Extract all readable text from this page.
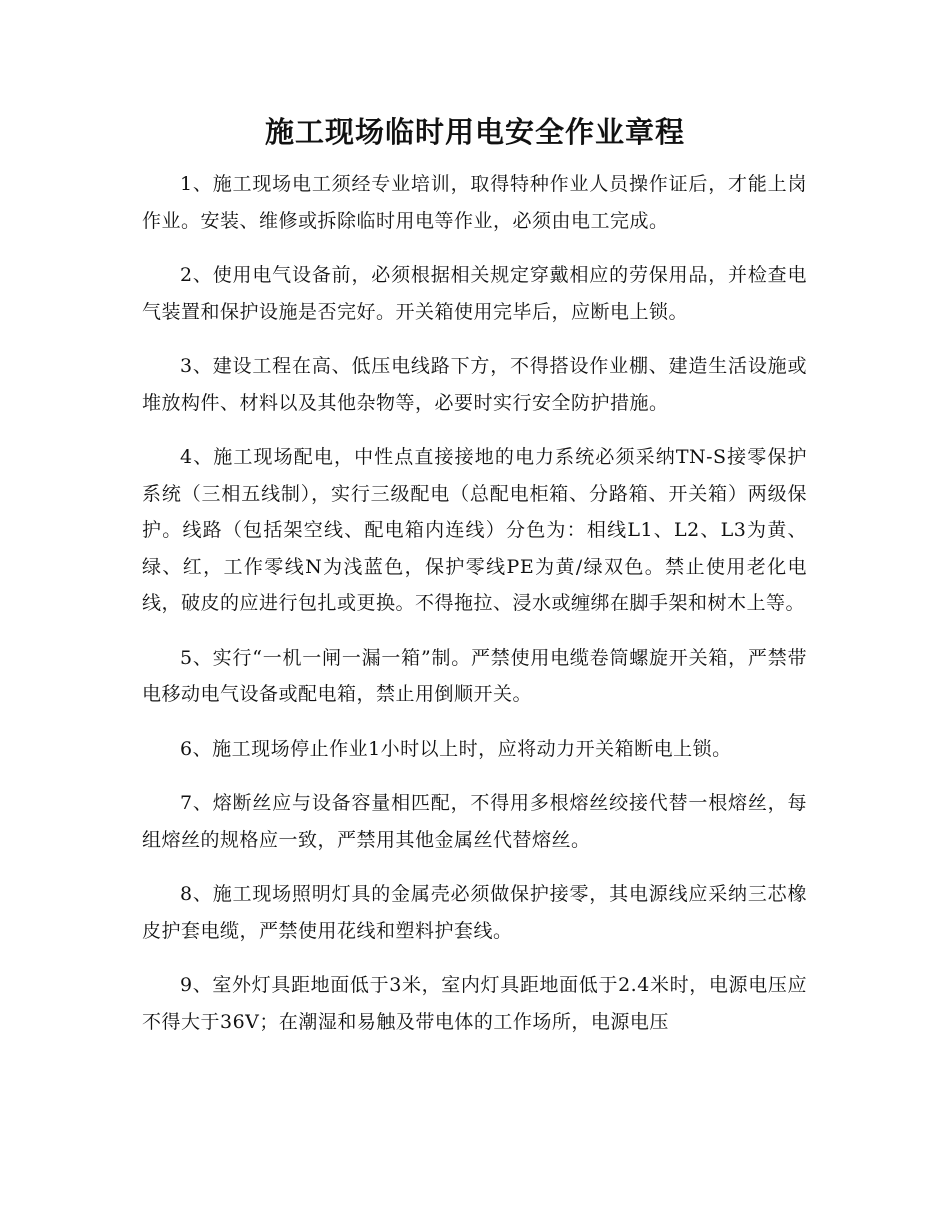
施工现场临时用电安全作业章程

1、施工现场电工须经专业培训，取得特种作业人员操作证后，才能上岗作业。安装、维修或拆除临时用电等作业，必须由电工完成。

2、使用电气设备前，必须根据相关规定穿戴相应的劳保用品，并检查电气装置和保护设施是否完好。开关箱使用完毕后，应断电上锁。

3、建设工程在高、低压电线路下方，不得搭设作业棚、建造生活设施或堆放构件、材料以及其他杂物等，必要时实行安全防护措施。

4、施工现场配电，中性点直接接地的电力系统必须采纳TN-S接零保护系统（三相五线制），实行三级配电（总配电柜箱、分路箱、开关箱）两级保护。线路（包括架空线、配电箱内连线）分色为：相线L1、L2、L3为黄、绿、红，工作零线N为浅蓝色，保护零线PE为黄/绿双色。禁止使用老化电线，破皮的应进行包扎或更换。不得拖拉、浸水或缠绑在脚手架和树木上等。

5、实行“一机一闸一漏一箱”制。严禁使用电缆卷筒螺旋开关箱，严禁带电移动电气设备或配电箱，禁止用倒顺开关。

6、施工现场停止作业1小时以上时，应将动力开关箱断电上锁。

7、熔断丝应与设备容量相匹配，不得用多根熔丝绞接代替一根熔丝，每组熔丝的规格应一致，严禁用其他金属丝代替熔丝。

8、施工现场照明灯具的金属壳必须做保护接零，其电源线应采纳三芯橡皮护套电缆，严禁使用花线和塑料护套线。

9、室外灯具距地面低于3米，室内灯具距地面低于2.4米时，电源电压应不得大于36V；在潮湿和易触及带电体的工作场所，电源电压
